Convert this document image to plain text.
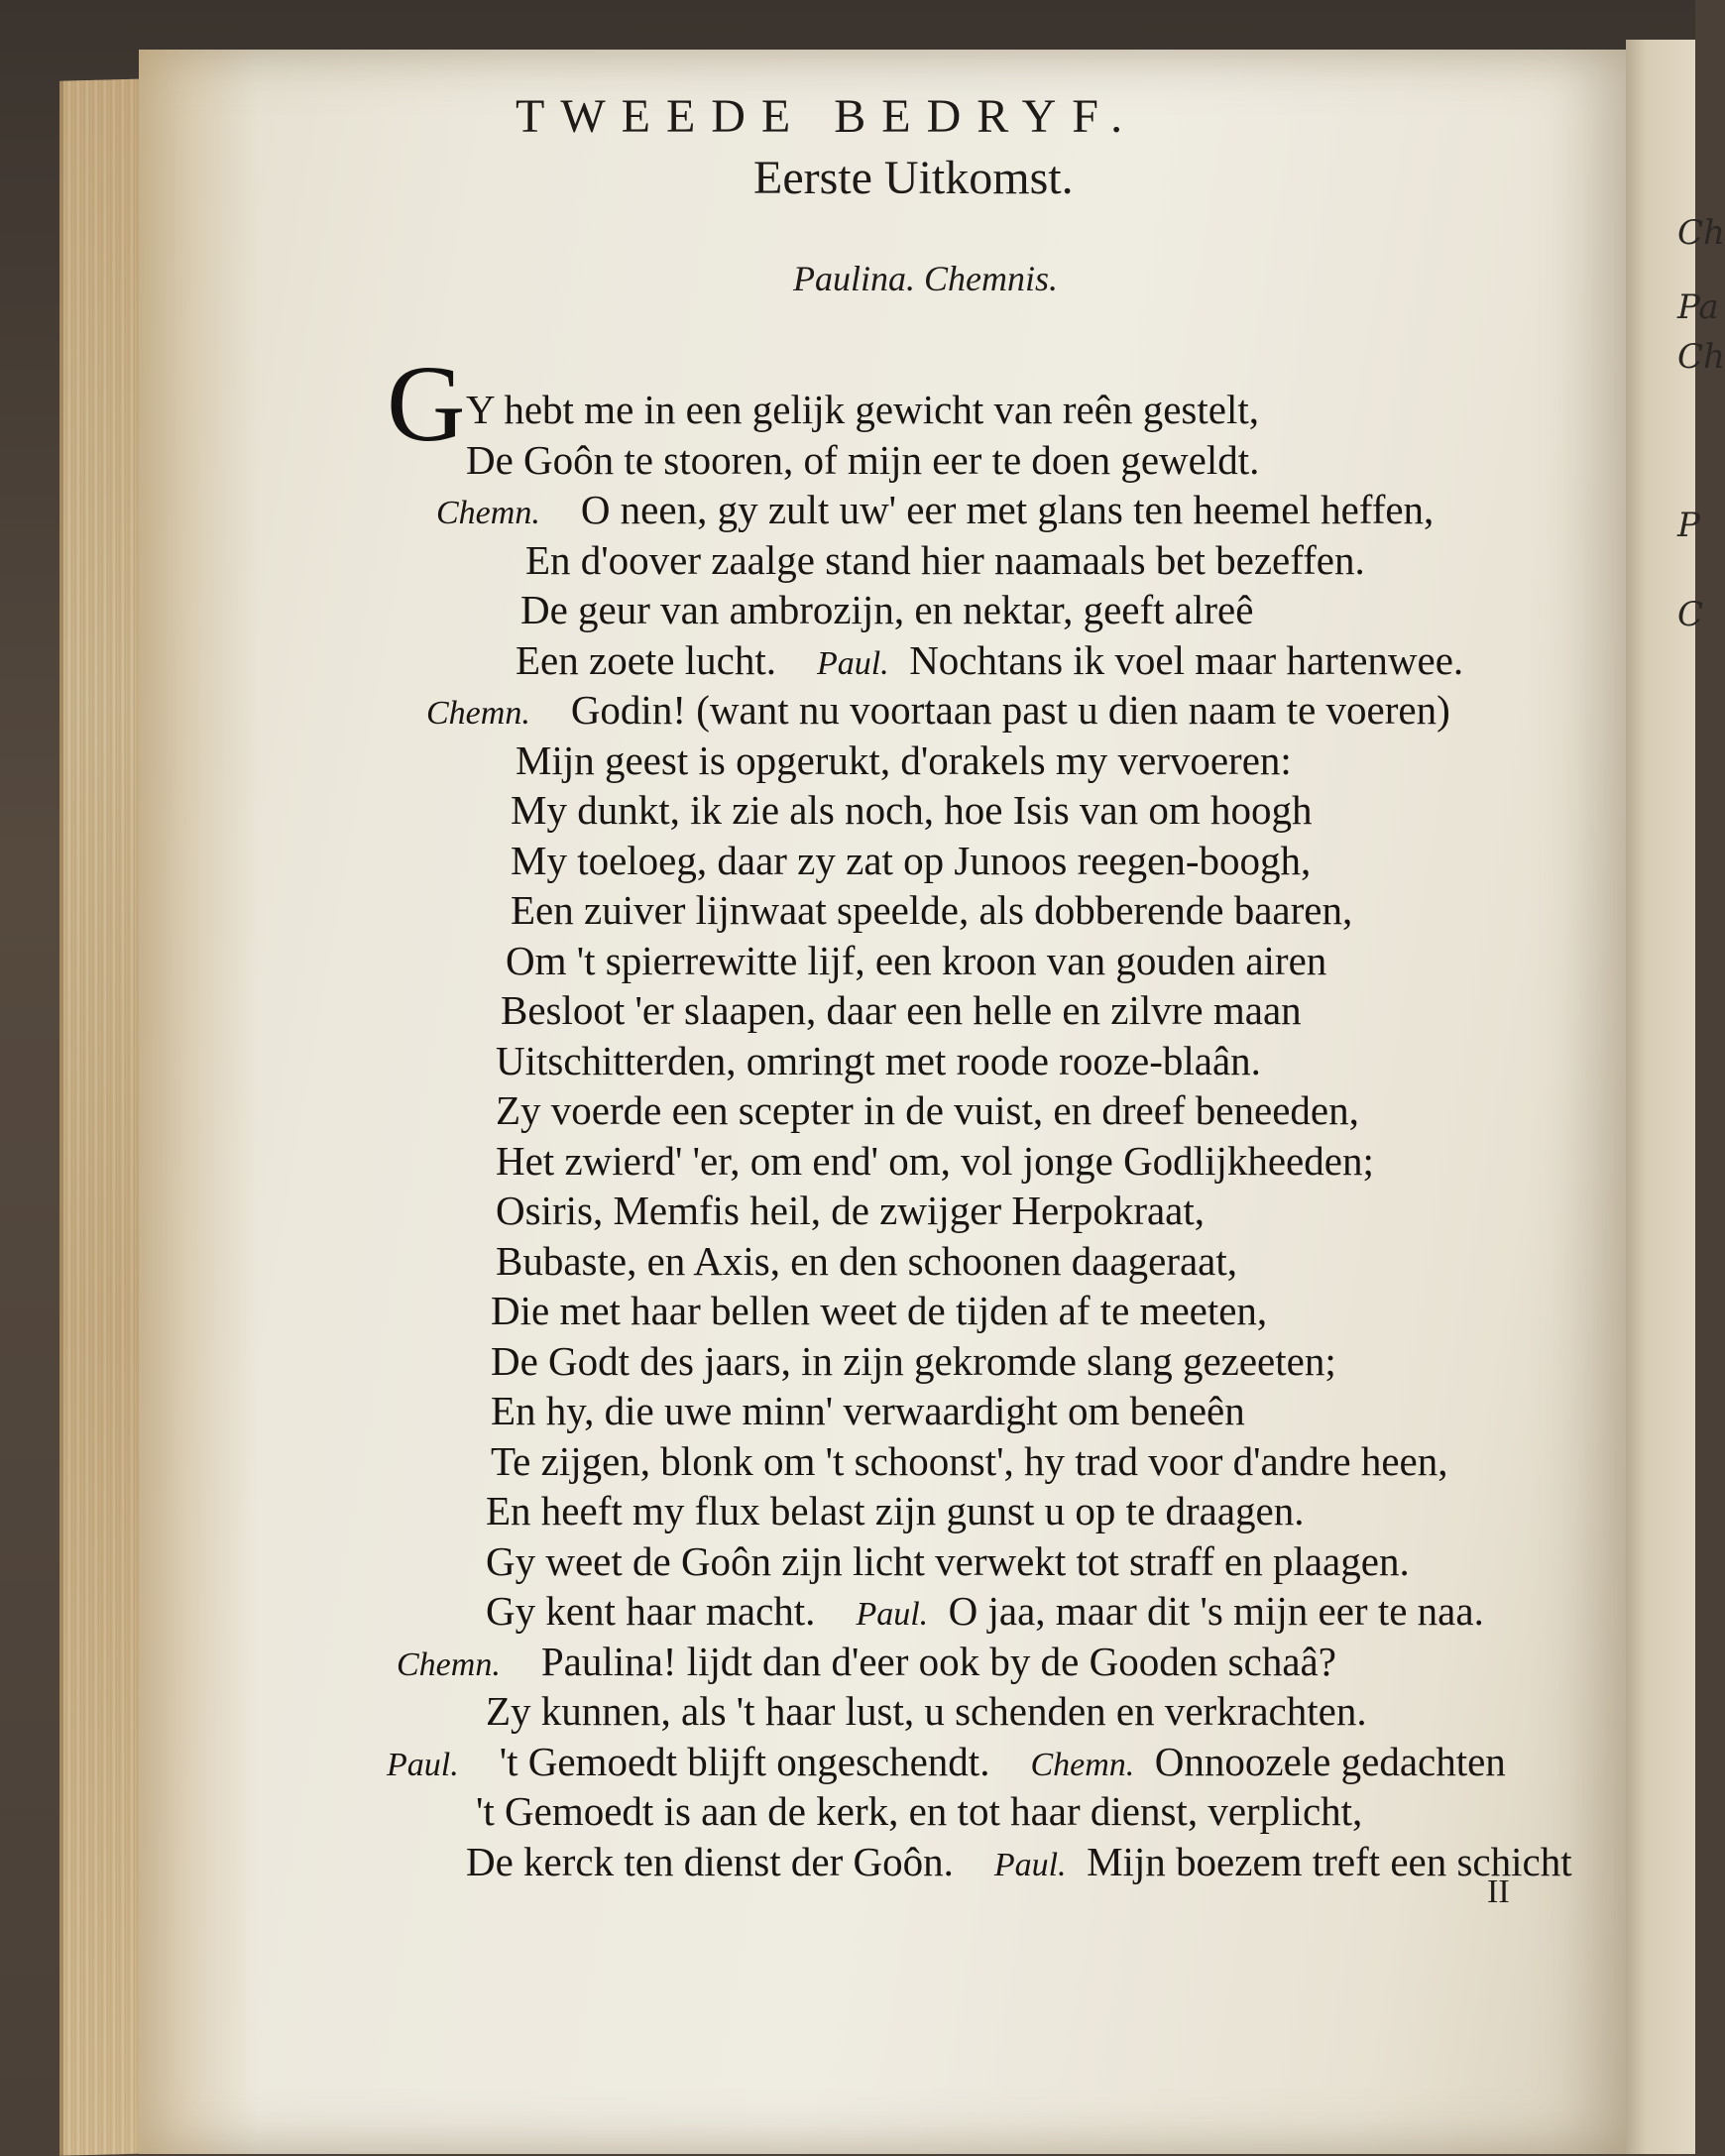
Ch
Pa
Ch
P
C
TWEEDE BEDRYF.
Eerste Uitkomst.
Paulina. Chemnis.
G Y hebt me in een gelijk gewicht van reên gestelt,
De Goôn te stooren, of mijn eer te doen geweldt.
Chemn.  O neen, gy zult uw' eer met glans ten heemel heffen,
En d'oover zaalge stand hier naamaals bet bezeffen.
De geur van ambrozijn, en nektar, geeft alreê
Een zoete lucht.  Paul.  Nochtans ik voel maar hartenwee.
Chemn.  Godin! (want nu voortaan past u dien naam te voeren)
Mijn geest is opgerukt, d'orakels my vervoeren:
My dunkt, ik zie als noch, hoe Isis van om hoogh
My toeloeg, daar zy zat op Junoos reegen-boogh,
Een zuiver lijnwaat speelde, als dobberende baaren,
Om 't spierrewitte lijf, een kroon van gouden airen
Besloot 'er slaapen, daar een helle en zilvre maan
Uitschitterden, omringt met roode rooze-blaân.
Zy voerde een scepter in de vuist, en dreef beneeden,
Het zwierd' 'er, om end' om, vol jonge Godlijkheeden;
Osiris, Memfis heil, de zwijger Herpokraat,
Bubaste, en Axis, en den schoonen daageraat,
Die met haar bellen weet de tijden af te meeten,
De Godt des jaars, in zijn gekromde slang gezeeten;
En hy, die uwe minn' verwaardight om beneên
Te zijgen, blonk om 't schoonst', hy trad voor d'andre heen,
En heeft my flux belast zijn gunst u op te draagen.
Gy weet de Goôn zijn licht verwekt tot straff en plaagen.
Gy kent haar macht.  Paul.  O jaa, maar dit 's mijn eer te naa.
Chemn.  Paulina! lijdt dan d'eer ook by de Gooden schaâ?
Zy kunnen, als 't haar lust, u schenden en verkrachten.
Paul.  't Gemoedt blijft ongeschendt.  Chemn.  Onnoozele gedachten
't Gemoedt is aan de kerk, en tot haar dienst, verplicht,
De kerck ten dienst der Goôn.  Paul.  Mijn boezem treft een schicht
II
